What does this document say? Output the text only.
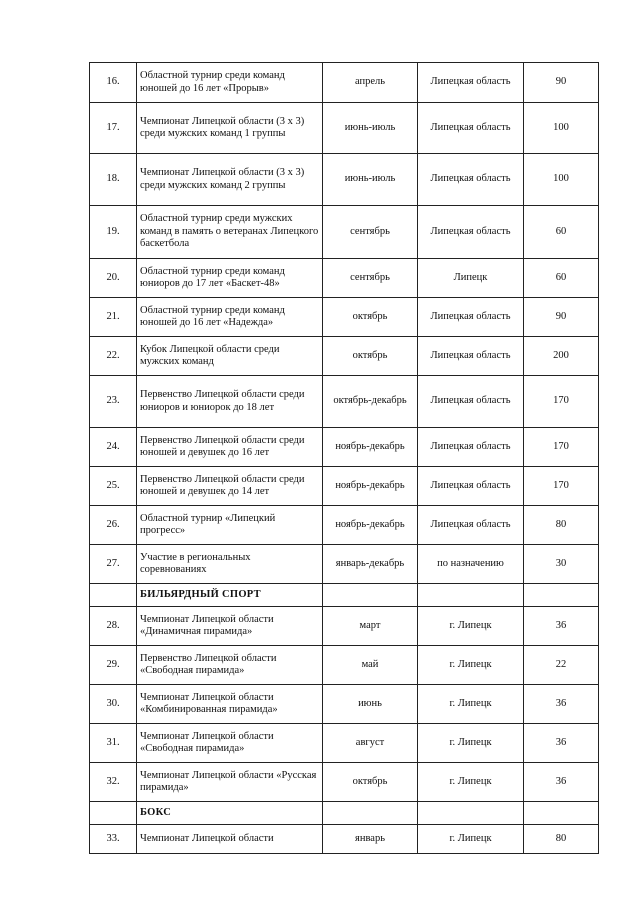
16.	Областной турнир среди команд юношей до 16 лет «Прорыв»	апрель	Липецкая область	90
17.	Чемпионат Липецкой области (3 х 3) среди мужских команд 1 группы	июнь-июль	Липецкая область	100
18.	Чемпионат Липецкой области (3 х 3) среди мужских команд 2 группы	июнь-июль	Липецкая область	100
19.	Областной турнир среди мужских команд в память о ветеранах Липецкого баскетбола	сентябрь	Липецкая область	60
20.	Областной турнир среди команд юниоров до 17 лет «Баскет-48»	сентябрь	Липецк	60
21.	Областной турнир среди команд юношей до 16 лет «Надежда»	октябрь	Липецкая область	90
22.	Кубок Липецкой области среди мужских команд	октябрь	Липецкая область	200
23.	Первенство Липецкой области среди юниоров и юниорок до 18 лет	октябрь-декабрь	Липецкая область	170
24.	Первенство Липецкой области среди юношей и девушек до 16 лет	ноябрь-декабрь	Липецкая область	170
25.	Первенство Липецкой области среди юношей и девушек до 14 лет	ноябрь-декабрь	Липецкая область	170
26.	Областной турнир «Липецкий прогресс»	ноябрь-декабрь	Липецкая область	80
27.	Участие в региональных соревнованиях	январь-декабрь	по назначению	30
	БИЛЬЯРДНЫЙ СПОРТ			
28.	Чемпионат Липецкой области «Динамичная пирамида»	март	г. Липецк	36
29.	Первенство Липецкой области «Свободная пирамида»	май	г. Липецк	22
30.	Чемпионат Липецкой области «Комбинированная пирамида»	июнь	г. Липецк	36
31.	Чемпионат Липецкой области «Свободная пирамида»	август	г. Липецк	36
32.	Чемпионат Липецкой области «Русская пирамида»	октябрь	г. Липецк	36
	БОКС			
33.	Чемпионат Липецкой области	январь	г. Липецк	80
